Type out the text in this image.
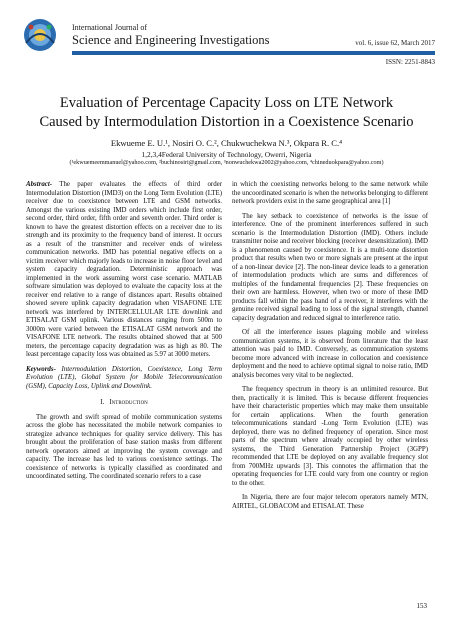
International Journal of
Science and Engineering Investigations	vol. 6, issue 62, March 2017
ISSN: 2251-8843
Evaluation of Percentage Capacity Loss on LTE Network
Caused by Intermodulation Distortion in a Coexistence Scenario
Ekwueme E. U.¹, Nosiri O. C.², Chukwuchekwa N.³, Okpara R. C.⁴
1,2,3,4Federal University of Technology, Owerri, Nigeria
(¹ekwuemeemmanuel@yahoo.com, ²buchinosiri@gmail.com, ³nonwuchekwa2002@yahoo.com, ⁴chineduokpara@yahoo.com)

Abstract- The paper evaluates the effects of third order Intermodulation Distortion (IMD3) on the Long Term Evolution (LTE) receiver due to coexistence between LTE and GSM networks. Amongst the various existing IMD orders which include first order, second order, third order, fifth order and seventh order. Third order is known to have the greatest distortion effects on a receiver due to its strength and its proximity to the frequency band of interest. It occurs as a result of the transmitter and receiver ends of wireless communication networks. IMD has potential negative effects on a victim receiver which majorly leads to increase in noise floor level and system capacity degradation. Deterministic approach was implemented in the work assuming worst case scenario. MATLAB software simulation was deployed to evaluate the capacity loss at the receiver end relative to a range of distances apart. Results obtained showed severe uplink capacity degradation when VISAFONE LTE network was interfered by INTERCELLULAR LTE downlink and ETISALAT GSM uplink. Various distances ranging from 500m to 3000m were varied between the ETISALAT GSM network and the VISAFONE LTE network. The results obtained showed that at 500 meters, the percentage capacity degradation was as high as 80. The least percentage capacity loss was obtained as 5.97 at 3000 meters.

Keywords- Intermodulation Distortion, Coexistence, Long Term Evolution (LTE), Global System for Mobile Telecommunication (GSM), Capacity Loss, Uplink and Downlink.

I. Introduction

The growth and swift spread of mobile communication systems across the globe has necessitated the mobile network companies to strategize advance techniques for quality service delivery. This has brought about the proliferation of base station masks from different network operators aimed at improving the system coverage and capacity. The increase has led to various coexistence settings. The coexistence of networks is typically classified as coordinated and uncoordinated setting. The coordinated scenario refers to a case

in which the coexisting networks belong to the same network while the uncoordinated scenario is when the networks belonging to different network providers exist in the same geographical area [1]

The key setback to coexistence of networks is the issue of interference. One of the prominent interferences suffered in such scenario is the Intermodulation Distortion (IMD). Others include transmitter noise and receiver blocking (receiver desensitization). IMD is a phenomenon caused by coexistence. It is a multi-tone distortion product that results when two or more signals are present at the input of a non-linear device [2]. The non-linear device leads to a generation of intermodulation products which are sums and differences of multiples of the fundamental frequencies [2]. These frequencies on their own are harmless. However, when two or more of these IMD products fall within the pass band of a receiver, it interferes with the genuine received signal leading to loss of the signal strength, channel capacity degradation and reduced signal to interference ratio.

Of all the interference issues plaguing mobile and wireless communication systems, it is observed from literature that the least attention was paid to IMD. Conversely, as communication systems become more advanced with increase in collocation and coexistence deployment and the need to achieve optimal signal to noise ratio, IMD analysis becomes very vital to be neglected.

The frequency spectrum in theory is an unlimited resource. But then, practically it is limited. This is because different frequencies have their characteristic properties which may make them unsuitable for certain applications. When the fourth generation telecommunications standard -Long Term Evolution (LTE) was deployed, there was no defined frequency of operation. Since most parts of the spectrum where already occupied by other wireless systems, the Third Generation Partnership Project (3GPP) recommended that LTE be deployed on any available frequency slot from 700MHz upwards [3]. This connotes the affirmation that the operating frequencies for LTE could vary from one country or region to the other.

In Nigeria, there are four major telecom operators namely MTN, AIRTEL, GLOBACOM and ETISALAT. These

153
